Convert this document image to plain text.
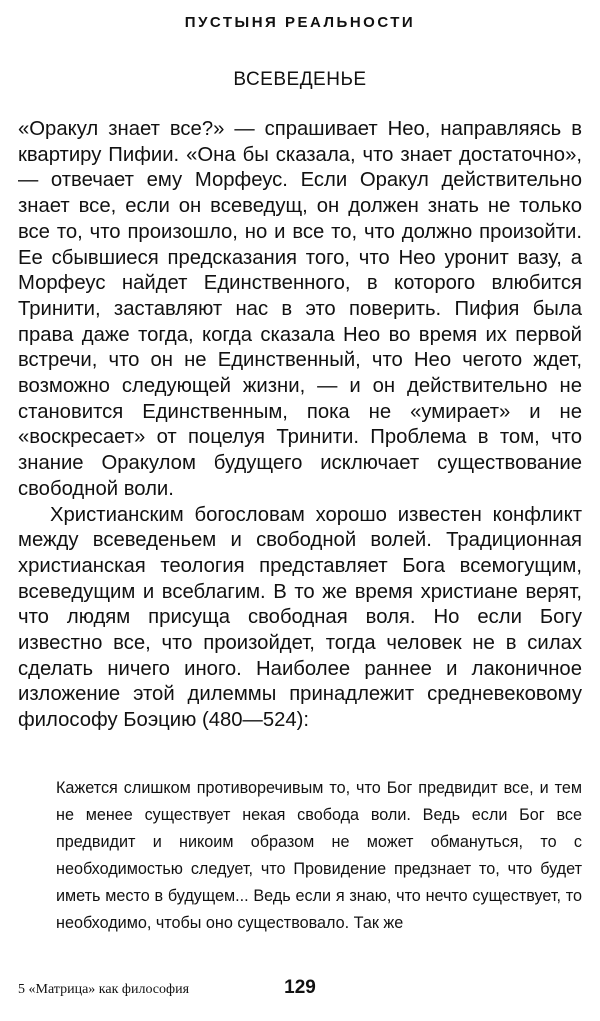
ПУСТЫНЯ РЕАЛЬНОСТИ
ВСЕВЕДЕНЬЕ

«Оракул знает все?» — спрашивает Нео, направляясь в квартиру Пифии. «Она бы сказала, что знает достаточно», — отвечает ему Морфеус. Если Оракул действительно знает все, если он всеведущ, он должен знать не только все то, что произошло, но и все то, что должно произойти. Ее сбывшиеся предсказания того, что Нео уронит вазу, а Морфеус найдет Единственного, в которого влюбится Тринити, заставляют нас в это поверить. Пифия была права даже тогда, когда сказала Нео во время их первой встречи, что он не Единственный, что Нео чегото ждет, возможно следующей жизни, — и он действительно не становится Единственным, пока не «умирает» и не «воскресает» от поцелуя Тринити. Проблема в том, что знание Оракулом будущего исключает существование свободной воли.

Христианским богословам хорошо известен конфликт между всеведеньем и свободной волей. Традиционная христианская теология представляет Бога всемогущим, всеведущим и всеблагим. В то же время христиане верят, что людям присуща свободная воля. Но если Богу известно все, что произойдет, тогда человек не в силах сделать ничего иного. Наиболее раннее и лаконичное изложение этой дилеммы принадлежит средневековому философу Боэцию (480—524):

Кажется слишком противоречивым то, что Бог предвидит все, и тем не менее существует некая свобода воли. Ведь если Бог все предвидит и никоим образом не может обмануться, то с необходимостью следует, что Провидение предзнает то, что будет иметь место в будущем... Ведь если я знаю, что нечто существует, то необходимо, чтобы оно существовало. Так же

5 «Матрица» как философия	129
